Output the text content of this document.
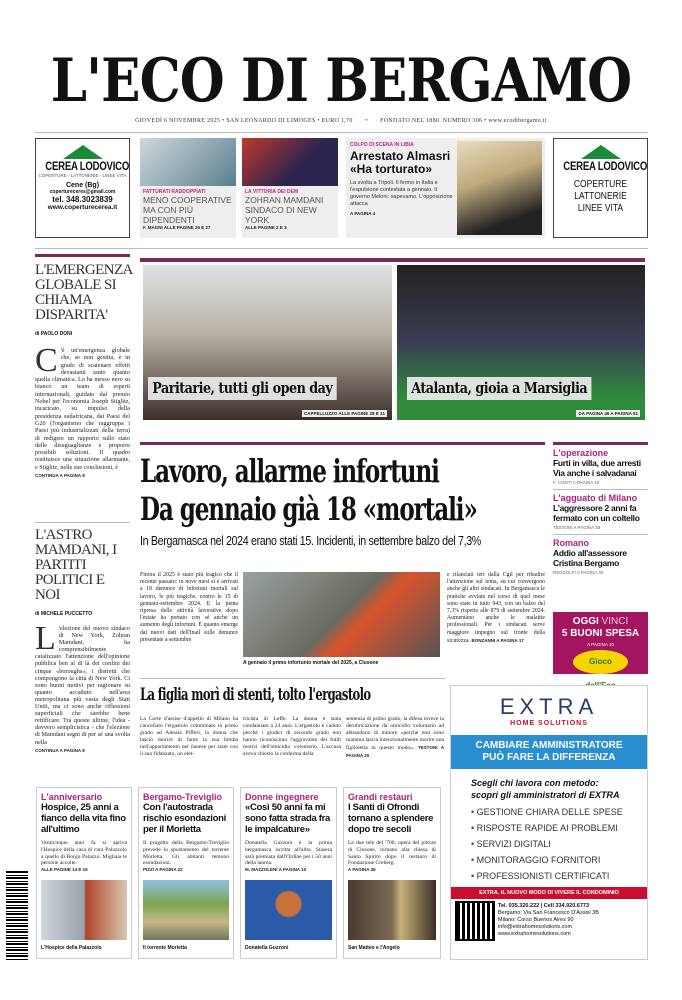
L'ECO DI BERGAMO
GIOVEDÌ 6 NOVEMBRE 2025 • SAN LEONARDO DI LIMOGES • EURO 1,70 ~ FONDATO NEL 1880. NUMERO 306 • www.ecodibergamo.it
CEREA LODOVICO
COPERTURE - LATTONERIE - LINEE VITA
Cene (Bg)
copertureceres@gmail.com
tel. 348.3023839
www.coperturecerea.it
FATTURATI RADDOPPIATI
MENO COOPERATIVE MA CON PIÙ DIPENDENTI
F. MAGNI ALLE PAGINE 26 E 27
LA VITTORIA DEI DEM
ZOHRAN MAMDANI SINDACO DI NEW YORK
ALLE PAGINE 2 E 3
COLPO DI SCENA IN LIBIA
Arrestato Almasri «Ha torturato»
La svolta a Tripoli. Il fermo in Italia e l'espulsione contestata a gennaio. Il governo Meloni: sapevamo. L'opposizione attacca
A PAGINA 4
CEREA LODOVICO
COPERTURE
LATTONERIE
LINEE VITA
L'EMERGENZA GLOBALE SI CHIAMA DISPARITA'
di PAOLO DONI
C 'è un'emergenza globale che, se non gestita, è in grado di scatenare effetti devastanti tanto quanto quella climatica. Lo ha messo nero su bianco un team di esperti internazionali, guidato dal premio Nobel per l'economia Joseph Stiglitz, incaricato, su impulso della presidenza sudafricana, dai Paesi del G20 (l'organismo che raggruppa i Paesi più industrializzati della terra) di redigere un rapporto sullo stato delle disuguaglianze e proporre possibili soluzioni. Il quadro restituisce una situazione allarmante, e Stiglitz, nelle sue conclusioni, è
CONTINUA A PAGINA 8
L'ASTRO MAMDANI, I PARTITI POLITICI E NOI
di MICHELE PUCCETTO
L 'elezione del nuovo sindaco di New York, Zohran Mamdani, ha comprensibilmente catalizzato l'attenzione dell'opinione pubblica ben al di là dei confini dei cinque «boroughs», i distretti che compongono la città di New York. Ci sono buoni motivi per ragionare su quanto accaduto nell'area metropolitana più vasta degli Stati Uniti, ma ci sono anche riflessioni superficiali che sarebbe bene rettificare. Tra queste ultime, l'idea - davvero semplicistica - che l'elezione di Mamdani segni di per sé una svolta nella
CONTINUA A PAGINA 8
Paritarie, tutti gli open day
CAPPELLUZZO ALLE PAGINE 28 E 31
Atalanta, gioia a Marsiglia
DA PAGINA 46 A PAGINA 51
Lavoro, allarme infortuni
Da gennaio già 18 «mortali»
In Bergamasca nel 2024 erano stati 15. Incidenti, in settembre balzo del 7,3%
Finora il 2025 è stato più tragico che il recente passato: in nove mesi si è arrivati a 18 denunce di infortuni mortali sul lavoro, le più tragiche, contro le 15 di gennaio-settembre 2024. E la piena ripresa delle attività lavorative dopo l'estate ha portato con sé anche un aumento degli infortuni. È quanto emerge dai nuovi dati dell'Inail sulle denunce presentate a settembre
A gennaio il primo infortunio mortale del 2025, a Clusone
e rilanciati ieri dalla Cgil per ribadire l'attenzione sul tema, su cui convergono anche gli altri sindacati. In Bergamasca le pratiche avviate nel corso di quel mese sono state in tutto 943, con un balzo del 7,3% rispetto alle 879 di settembre 2024. Aumentano anche le malattie professionali. Per i sindacati serve maggiore impegno sul fronte della sicurezza. BONZANNI A PAGINA 17
L'operazione
Furti in villa, due arresti Via anche i salvadanai
F. CONTI A PAGINA 15
L'agguato di Milano
L'aggressore 2 anni fa fermato con un coltello
TESTONI A PAGINA 29
Romano
Addio all'assessore Cristina Bergamo
REDDOLFI A PAGINA 30
OGGI VINCI
5 BUONI SPESA
A PAGINA 10
Gioco
La figlia morì di stenti, tolto l'ergastolo
La Corte d'assise d'appello di Milano ha cancellato l'ergastolo comminato in primo grado ad Alessia Pifferi, la donna che lasciò morire di fame la sua bimba nell'appartamento nel ilanese per stare con il suo fidanzato, un elet-
tricista di Leffe. La donna è stata condannata a 24 anni. L'ergastolo è caduto perché i giudici di secondo grado non hanno riconosciuto l'aggravante dei futili motivi dell'omicidio volontario. L'accusa aveva chiesto la conferma della
sentenza di primo grado, la difesa invece la derubricazione da omicidio volontario ad abbandono di minore «perché non sono mamma lascia intenzionalmente morire una figlioletta in questo modo». TESTONI A PAGINA 20
EXTRA
HOME SOLUTIONS
CAMBIARE AMMINISTRATORE PUÒ FARE LA DIFFERENZA
Scegli chi lavora con metodo: scopri gli amministratori di EXTRA
• GESTIONE CHIARA DELLE SPESE
• RISPOSTE RAPIDE AI PROBLEMI
• SERVIZI DIGITALI
• MONITORAGGIO FORNITORI
• PROFESSIONISTI CERTIFICATI
EXTRA. IL NUOVO MODO DI VIVERE IL CONDOMINIO
Tel. 035.320.222 | Cell 334.920.6773
Bergamo: Via San Francesco D'Assisi 3B
Milano: Corso Buenos Aires 90
info@extrahomesolutions.com
www.extrahomesolutions.com
L'anniversario
Hospice, 25 anni a fianco della vita fino all'ultimo
Venticinque anni fa si apriva l'Hospice della casa di cura Palazzolo a quello di Borgo Palazzo. Migliaia le persone accolte.
ALLE PAGINE 14 E 15
L'Hospice della Palazzolo
Bergamo-Treviglio
Con l'autostrada rischio esondazioni per il Morletta
Il progetto della Bergamo-Treviglio prevede lo spostamento del torrente Morletta. Gli abitanti temono esondazioni.
PIZZI A PAGINA 22
Il torrente Morletta
Donne ingegnere
«Così 50 anni fa mi sono fatta strada fra le impalcature»
Donatella Guzzoni è la prima bergamasca iscritta all'albo. Stasera sarà premiata dall'Ordine per i 50 anni della laurea.
M. MAZZOLENI A PAGINA 10
Donatella Guzzoni
Grandi restauri
I Santi di Ofrondi tornano a splendere dopo tre secoli
Le due tele del '700, opera del pittore di Clusone, tornano alla chiesa di Santo Spirito dopo il restauro di Fondazione Creberg.
A PAGINA 36
San Matteo e l'Angelo
